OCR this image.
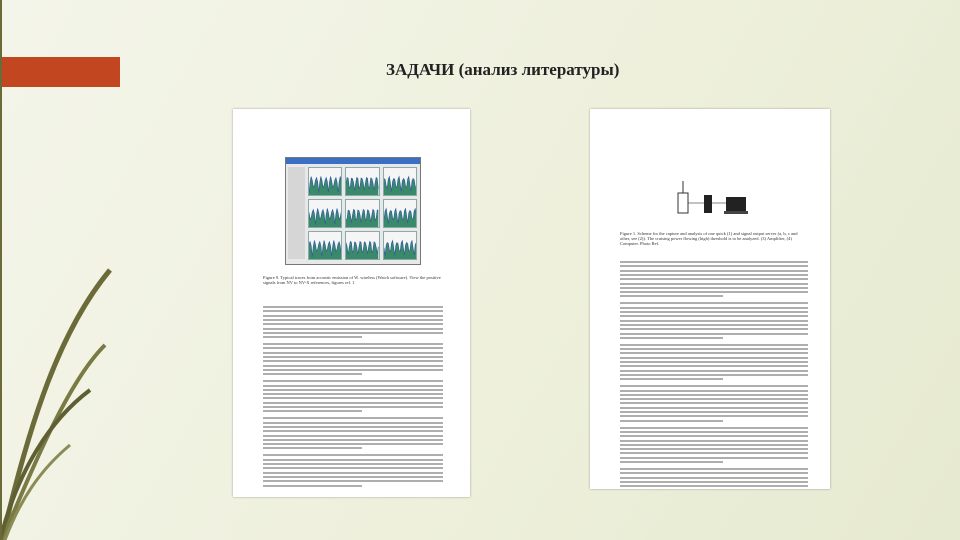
ЗАДАЧИ (анализ литературы)
Figure 9. Typical traces from acoustic emission of W. wireless (Watch software). View the positive signals from NV to NV-X references, figures ref. 1
Figure 1. Scheme for the capture and analysis of one quick (1) and signal output server (a, b, c and other, see (2)). The cruising power flowing (high) threshold is to be analyzed. (3) Amplifier, (4) Computer. Photo Ref.
